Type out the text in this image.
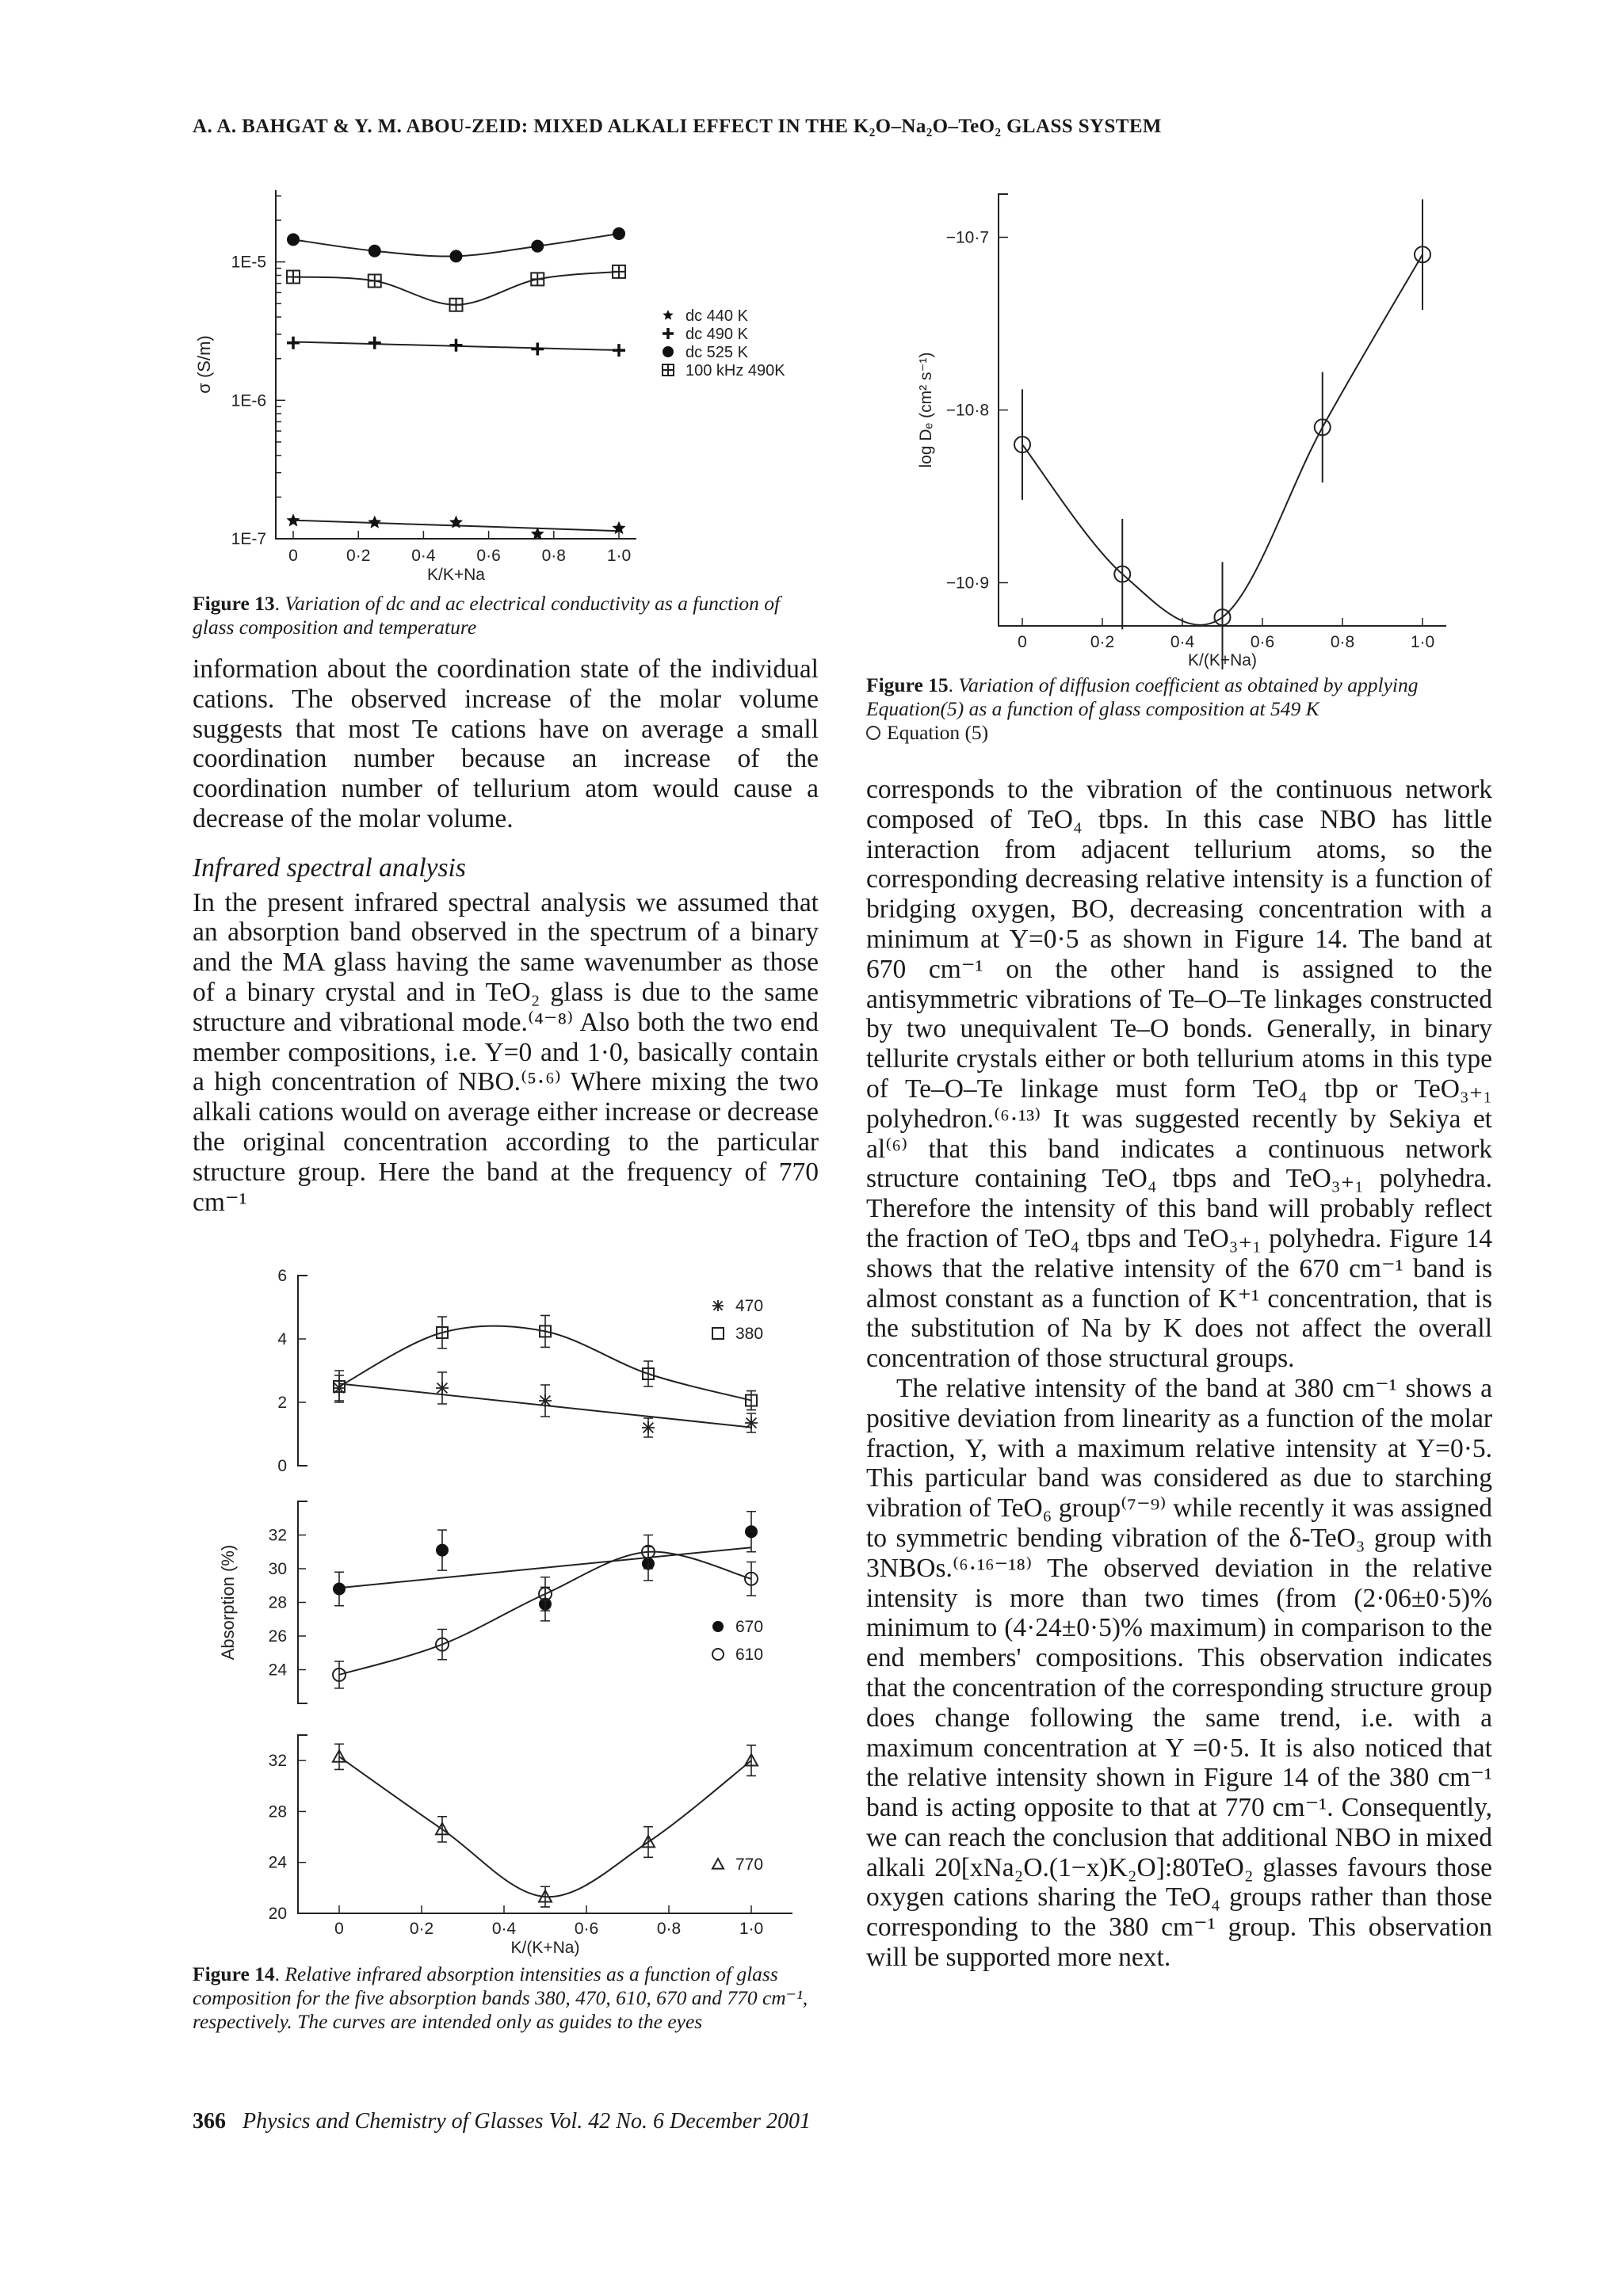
A. A. BAHGAT & Y. M. ABOU-ZEID: MIXED ALKALI EFFECT IN THE K₂O–Na₂O–TeO₂ GLASS SYSTEM
1E-7
1E-6
1E-5
0	0·2 0·4 0·6 0·8 1·0
K/K+Na
σ (S/m)
dc 440 K
dc 490 K
dc 525 K
100 kHz 490K
Figure 13. Variation of dc and ac electrical conductivity as a function of glass composition and temperature
−10·9
−10·8
−10·7
0	0·2	0·4	0·6	0·8	1·0
K/(K+Na)
log Dₑ (cm² s⁻¹)
Figure 15. Variation of diffusion coefficient as obtained by applying Equation(5) as a function of glass composition at 549 K
Equation (5)
0
2
4
6
470
380
24
26
28
30
32
670
610
Absorption (%)
20
24
28
32
770
0	0·2	0·4	0·6	0·8	1·0
K/(K+Na)
Figure 14. Relative infrared absorption intensities as a function of glass composition for the five absorption bands 380, 470, 610, 670 and 770 cm⁻¹, respectively. The curves are intended only as guides to the eyes

information about the coordination state of the individual cations. The observed increase of the molar volume suggests that most Te cations have on average a small coordination number because an increase of the coordination number of tellurium atom would cause a decrease of the molar volume.

Infrared spectral analysis

In the present infrared spectral analysis we assumed that an absorption band observed in the spectrum of a binary and the MA glass having the same wavenumber as those of a binary crystal and in TeO₂ glass is due to the same structure and vibrational mode.⁽⁴⁻⁸⁾ Also both the two end member compositions, i.e. Y=0 and 1·0, basically contain a high concentration of NBO.⁽⁵·⁶⁾ Where mixing the two alkali cations would on average either increase or decrease the original concentration according to the particular structure group. Here the band at the frequency of 770 cm⁻¹

corresponds to the vibration of the continuous network composed of TeO₄ tbps. In this case NBO has little interaction from adjacent tellurium atoms, so the corresponding decreasing relative intensity is a function of bridging oxygen, BO, decreasing concentration with a minimum at Y=0·5 as shown in Figure 14. The band at 670 cm⁻¹ on the other hand is assigned to the antisymmetric vibrations of Te–O–Te linkages constructed by two unequivalent Te–O bonds. Generally, in binary tellurite crystals either or both tellurium atoms in this type of Te–O–Te linkage must form TeO₄ tbp or TeO₃₊₁ polyhedron.⁽⁶·¹³⁾ It was suggested recently by Sekiya et al⁽⁶⁾ that this band indicates a continuous network structure containing TeO₄ tbps and TeO₃₊₁ polyhedra. Therefore the intensity of this band will probably reflect the fraction of TeO₄ tbps and TeO₃₊₁ polyhedra. Figure 14 shows that the relative intensity of the 670 cm⁻¹ band is almost constant as a function of K⁺¹ concentration, that is the substitution of Na by K does not affect the overall concentration of those structural groups.

The relative intensity of the band at 380 cm⁻¹ shows a positive deviation from linearity as a function of the molar fraction, Y, with a maximum relative intensity at Y=0·5. This particular band was considered as due to starching vibration of TeO₆ group⁽⁷⁻⁹⁾ while recently it was assigned to symmetric bending vibration of the δ-TeO₃ group with 3NBOs.⁽⁶·¹⁶⁻¹⁸⁾ The observed deviation in the relative intensity is more than two times (from (2·06±0·5)% minimum to (4·24±0·5)% maximum) in comparison to the end members' compositions. This observation indicates that the concentration of the corresponding structure group does change following the same trend, i.e. with a maximum concentration at Y =0·5. It is also noticed that the relative intensity shown in Figure 14 of the 380 cm⁻¹ band is acting opposite to that at 770 cm⁻¹. Consequently, we can reach the conclusion that additional NBO in mixed alkali 20[xNa₂O.(1−x)K₂O]:80TeO₂ glasses favours those oxygen cations sharing the TeO₄ groups rather than those corresponding to the 380 cm⁻¹ group. This observation will be supported more next.

366 Physics and Chemistry of Glasses Vol. 42 No. 6 December 2001
